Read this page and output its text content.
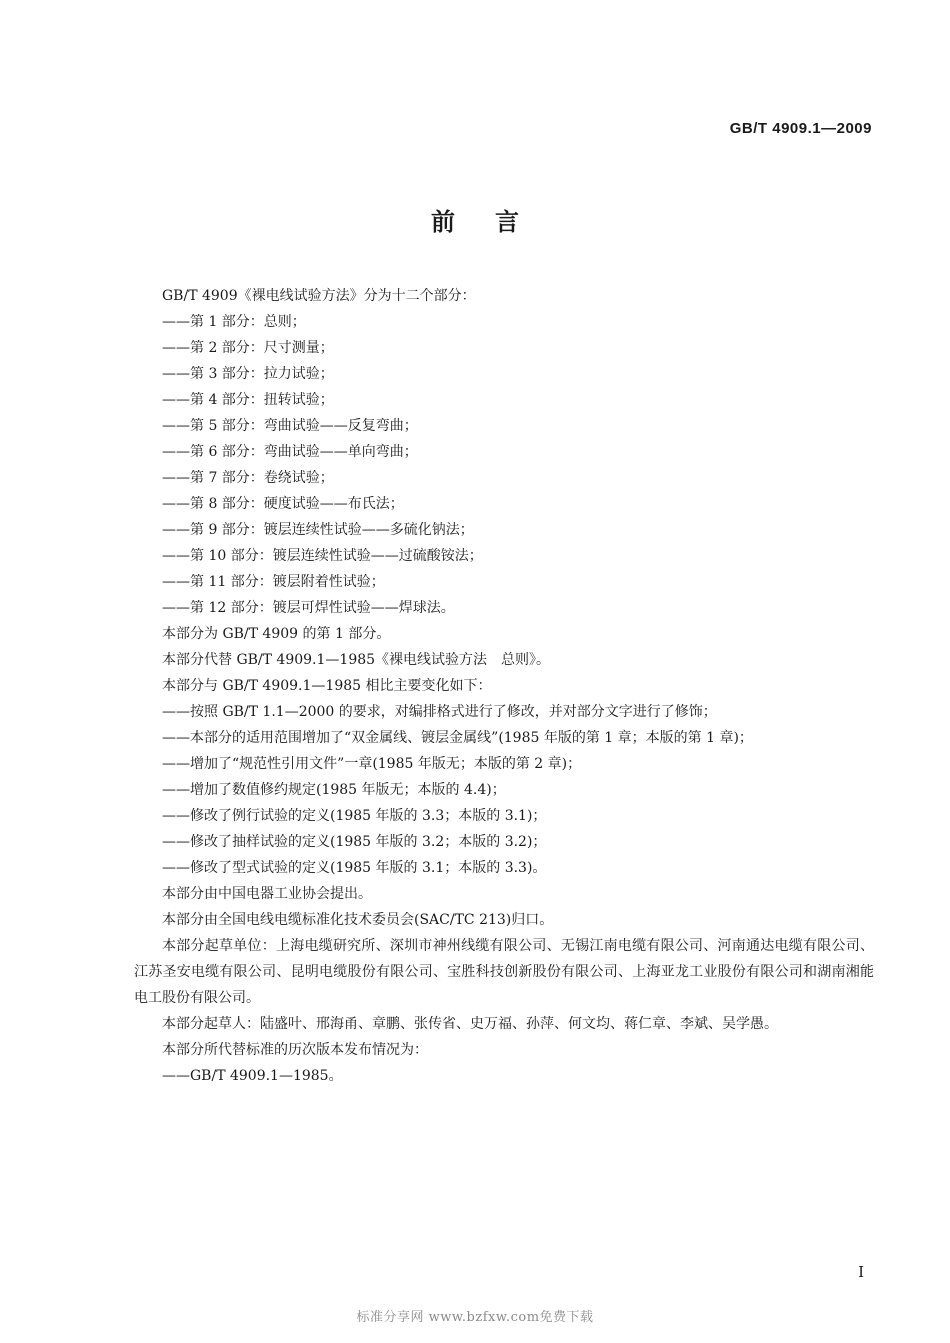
GB/T 4909.1—2009
前言
GB/T 4909《裸电线试验方法》分为十二个部分：
——第 1 部分：总则；
——第 2 部分：尺寸测量；
——第 3 部分：拉力试验；
——第 4 部分：扭转试验；
——第 5 部分：弯曲试验——反复弯曲；
——第 6 部分：弯曲试验——单向弯曲；
——第 7 部分：卷绕试验；
——第 8 部分：硬度试验——布氏法；
——第 9 部分：镀层连续性试验——多硫化钠法；
——第 10 部分：镀层连续性试验——过硫酸铵法；
——第 11 部分：镀层附着性试验；
——第 12 部分：镀层可焊性试验——焊球法。
本部分为 GB/T 4909 的第 1 部分。
本部分代替 GB/T 4909.1—1985《裸电线试验方法　总则》。
本部分与 GB/T 4909.1—1985 相比主要变化如下：
——按照 GB/T 1.1—2000 的要求，对编排格式进行了修改，并对部分文字进行了修饰；
——本部分的适用范围增加了“双金属线、镀层金属线”(1985 年版的第 1 章；本版的第 1 章)；
——增加了“规范性引用文件”一章(1985 年版无；本版的第 2 章)；
——增加了数值修约规定(1985 年版无；本版的 4.4)；
——修改了例行试验的定义(1985 年版的 3.3；本版的 3.1)；
——修改了抽样试验的定义(1985 年版的 3.2；本版的 3.2)；
——修改了型式试验的定义(1985 年版的 3.1；本版的 3.3)。
本部分由中国电器工业协会提出。
本部分由全国电线电缆标准化技术委员会(SAC/TC 213)归口。
本部分起草单位：上海电缆研究所、深圳市神州线缆有限公司、无锡江南电缆有限公司、河南通达电缆有限公司、江苏圣安电缆有限公司、昆明电缆股份有限公司、宝胜科技创新股份有限公司、上海亚龙工业股份有限公司和湖南湘能电工股份有限公司。
本部分起草人：陆盛叶、邢海甬、章鹏、张传省、史万福、孙萍、何文均、蒋仁章、李斌、吴学愚。
本部分所代替标准的历次版本发布情况为：
——GB/T 4909.1—1985。
I
标准分享网 www.bzfxw.com免费下载
